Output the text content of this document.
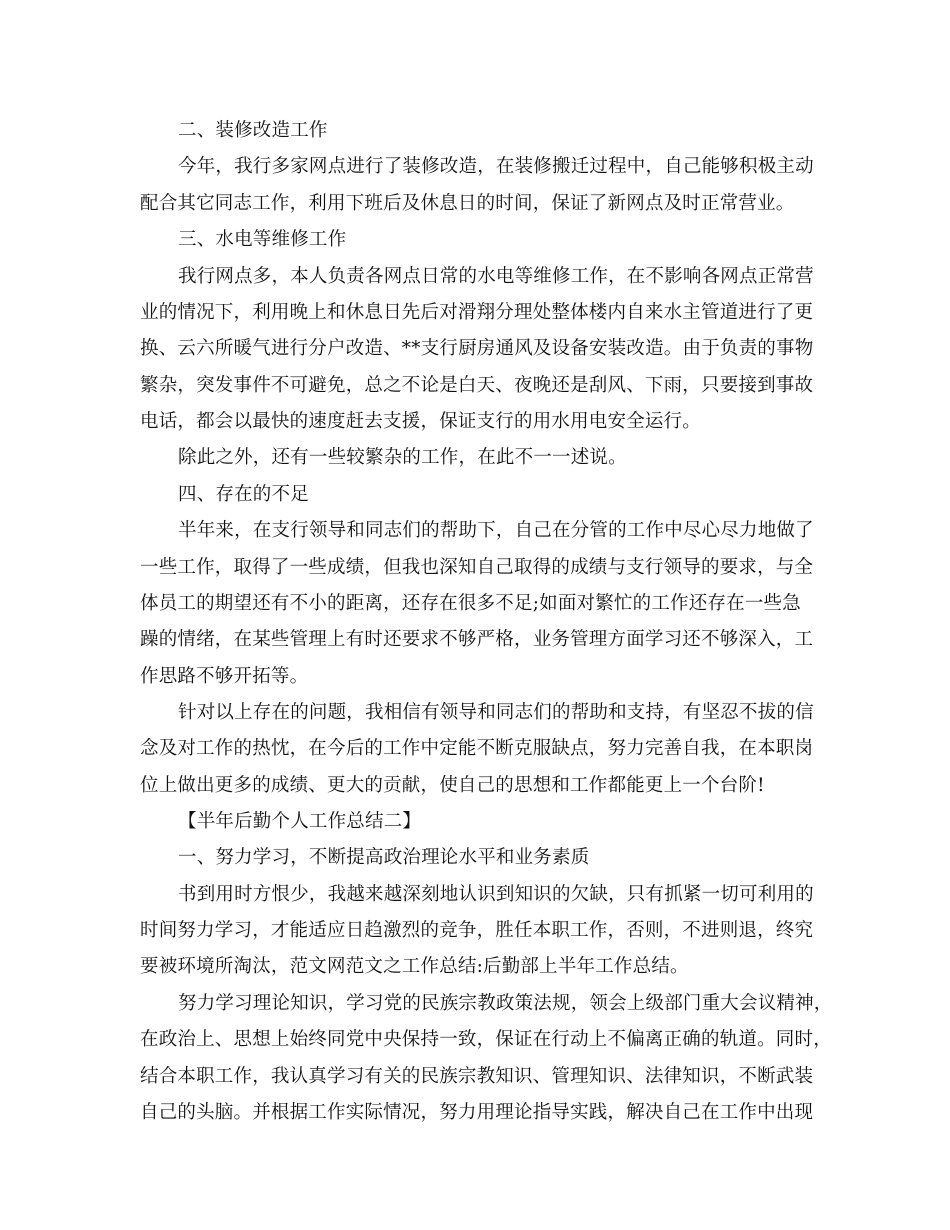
二、装修改造工作
今年，我行多家网点进行了装修改造，在装修搬迁过程中，自己能够积极主动
配合其它同志工作，利用下班后及休息日的时间，保证了新网点及时正常营业。
三、水电等维修工作
我行网点多，本人负责各网点日常的水电等维修工作，在不影响各网点正常营
业的情况下，利用晚上和休息日先后对滑翔分理处整体楼内自来水主管道进行了更
换、云六所暖气进行分户改造、**支行厨房通风及设备安装改造。由于负责的事物
繁杂，突发事件不可避免，总之不论是白天、夜晚还是刮风、下雨，只要接到事故
电话，都会以最快的速度赶去支援，保证支行的用水用电安全运行。
除此之外，还有一些较繁杂的工作，在此不一一述说。
四、存在的不足
半年来，在支行领导和同志们的帮助下，自己在分管的工作中尽心尽力地做了
一些工作，取得了一些成绩，但我也深知自己取得的成绩与支行领导的要求，与全
体员工的期望还有不小的距离，还存在很多不足;如面对繁忙的工作还存在一些急
躁的情绪，在某些管理上有时还要求不够严格，业务管理方面学习还不够深入，工
作思路不够开拓等。
针对以上存在的问题，我相信有领导和同志们的帮助和支持，有坚忍不拔的信
念及对工作的热忱，在今后的工作中定能不断克服缺点，努力完善自我，在本职岗
位上做出更多的成绩、更大的贡献，使自己的思想和工作都能更上一个台阶!
【半年后勤个人工作总结二】
一、努力学习，不断提高政治理论水平和业务素质
书到用时方恨少，我越来越深刻地认识到知识的欠缺，只有抓紧一切可利用的
时间努力学习，才能适应日趋激烈的竞争，胜任本职工作，否则，不进则退，终究
要被环境所淘汰，范文网范文之工作总结:后勤部上半年工作总结。
努力学习理论知识，学习党的民族宗教政策法规，领会上级部门重大会议精神，
在政治上、思想上始终同党中央保持一致，保证在行动上不偏离正确的轨道。同时，
结合本职工作，我认真学习有关的民族宗教知识、管理知识、法律知识，不断武装
自己的头脑。并根据工作实际情况，努力用理论指导实践，解决自己在工作中出现
